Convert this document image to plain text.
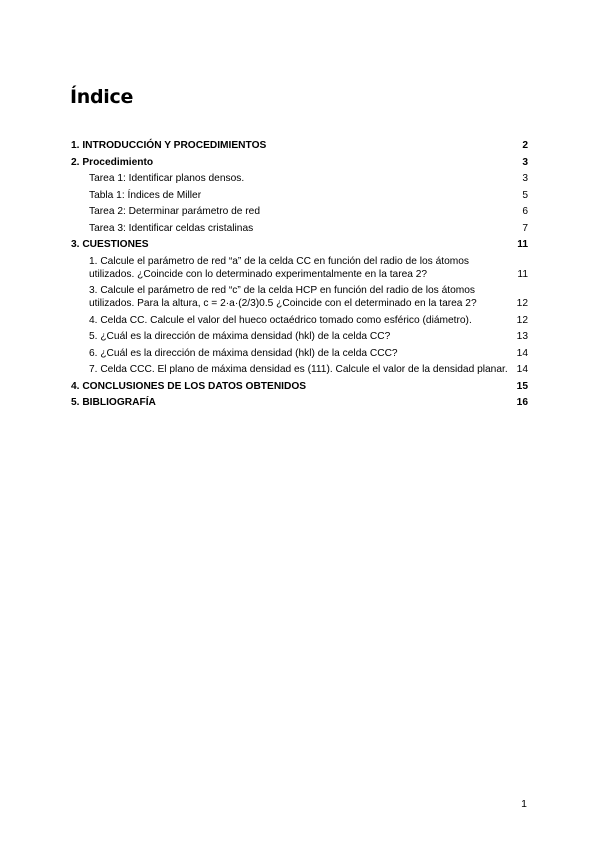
Índice
1. INTRODUCCIÓN Y PROCEDIMIENTOS	2
2. Procedimiento	3
Tarea 1: Identificar planos densos.	3
Tabla 1: Índices de Miller	5
Tarea 2: Determinar parámetro de red	6
Tarea 3: Identificar celdas cristalinas	7
3. CUESTIONES	11
1. Calcule el parámetro de red “a” de la celda CC en función del radio de los átomos utilizados. ¿Coincide con lo determinado experimentalmente en la tarea 2?	11
3. Calcule el parámetro de red “c” de la celda HCP en función del radio de los átomos utilizados. Para la altura, c = 2·a·(2/3)0.5 ¿Coincide con el determinado en la tarea 2?	12
4. Celda CC. Calcule el valor del hueco octaédrico tomado como esférico (diámetro).	12
5. ¿Cuál es la dirección de máxima densidad (hkl) de la celda CC?	13
6. ¿Cuál es la dirección de máxima densidad (hkl) de la celda CCC?	14
7. Celda CCC. El plano de máxima densidad es (111). Calcule el valor de la densidad planar. 14
4. CONCLUSIONES DE LOS DATOS OBTENIDOS	15
5. BIBLIOGRAFÍA	16
1
